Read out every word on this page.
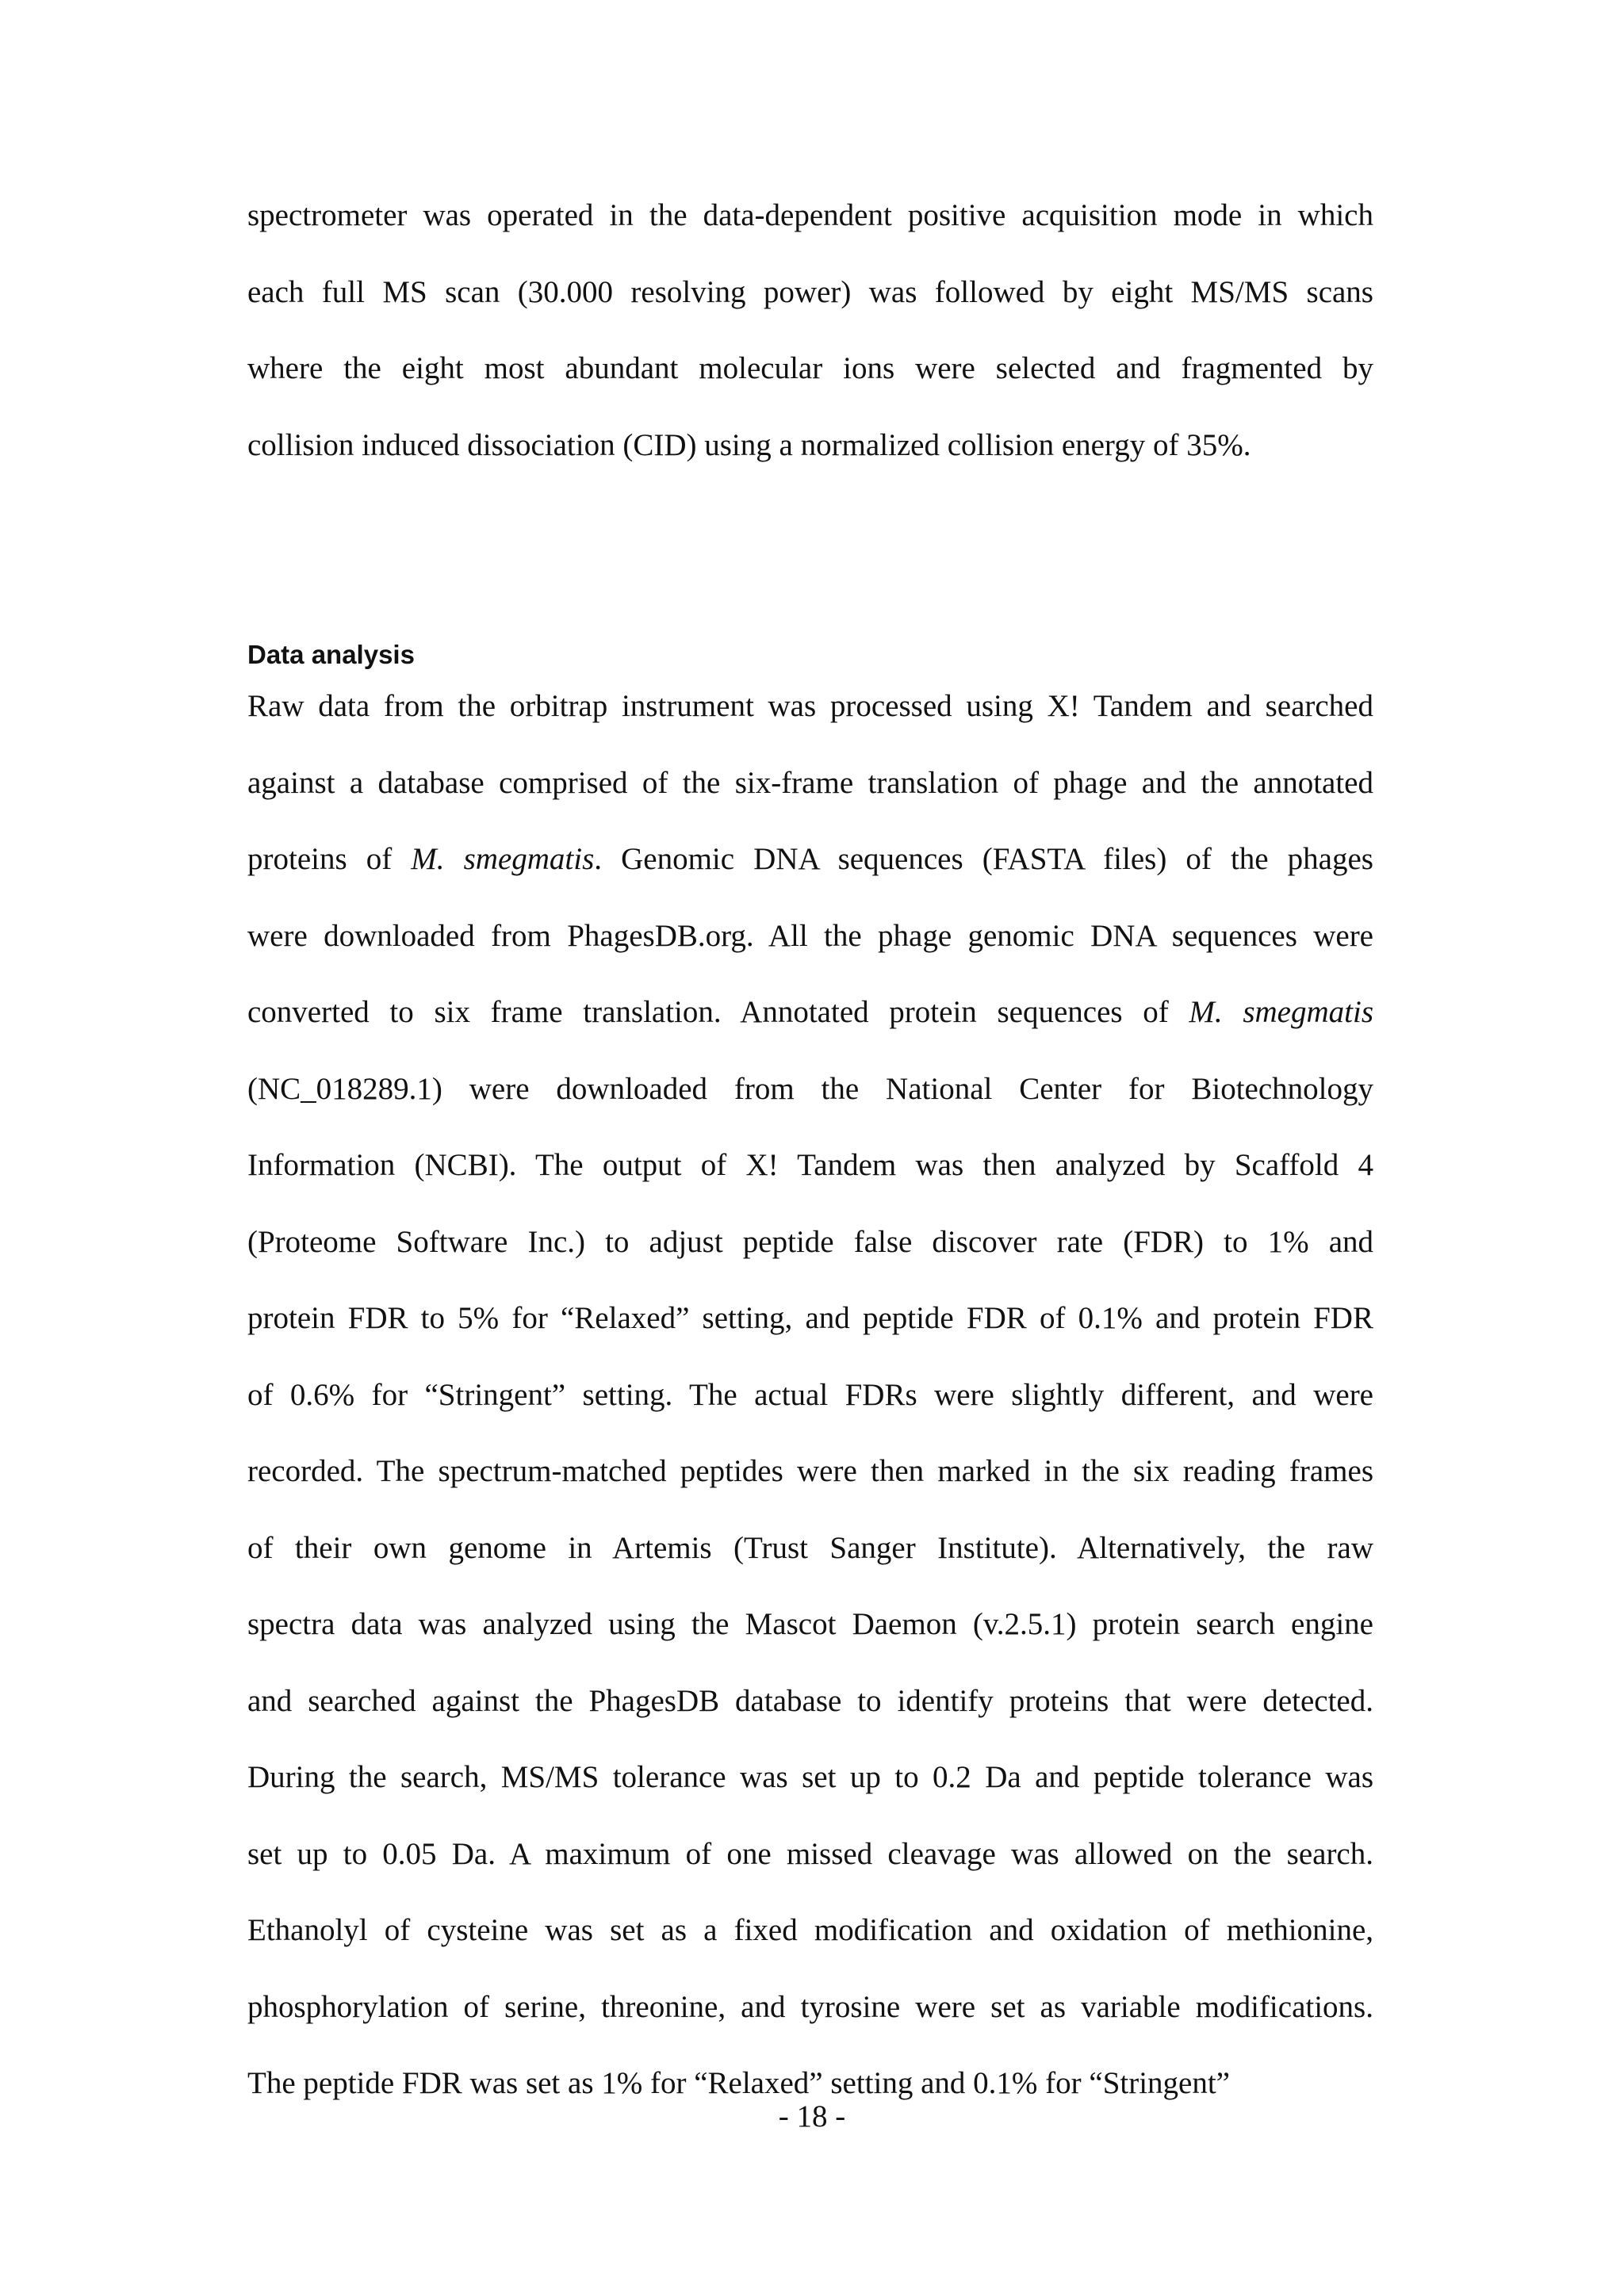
spectrometer was operated in the data-dependent positive acquisition mode in which
each full MS scan (30.000 resolving power) was followed by eight MS/MS scans
where the eight most abundant molecular ions were selected and fragmented by
collision induced dissociation (CID) using a normalized collision energy of 35%.

Data analysis

Raw data from the orbitrap instrument was processed using X! Tandem and searched
against a database comprised of the six-frame translation of phage and the annotated
proteins of M. smegmatis. Genomic DNA sequences (FASTA files) of the phages
were downloaded from PhagesDB.org. All the phage genomic DNA sequences were
converted to six frame translation. Annotated protein sequences of M. smegmatis
(NC_018289.1) were downloaded from the National Center for Biotechnology
Information (NCBI). The output of X! Tandem was then analyzed by Scaffold 4
(Proteome Software Inc.) to adjust peptide false discover rate (FDR) to 1% and
protein FDR to 5% for “Relaxed” setting, and peptide FDR of 0.1% and protein FDR
of 0.6% for “Stringent” setting. The actual FDRs were slightly different, and were
recorded. The spectrum-matched peptides were then marked in the six reading frames
of their own genome in Artemis (Trust Sanger Institute). Alternatively, the raw
spectra data was analyzed using the Mascot Daemon (v.2.5.1) protein search engine
and searched against the PhagesDB database to identify proteins that were detected.
During the search, MS/MS tolerance was set up to 0.2 Da and peptide tolerance was
set up to 0.05 Da. A maximum of one missed cleavage was allowed on the search.
Ethanolyl of cysteine was set as a fixed modification and oxidation of methionine,
phosphorylation of serine, threonine, and tyrosine were set as variable modifications.
The peptide FDR was set as 1% for “Relaxed” setting and 0.1% for “Stringent”

- 18 -
